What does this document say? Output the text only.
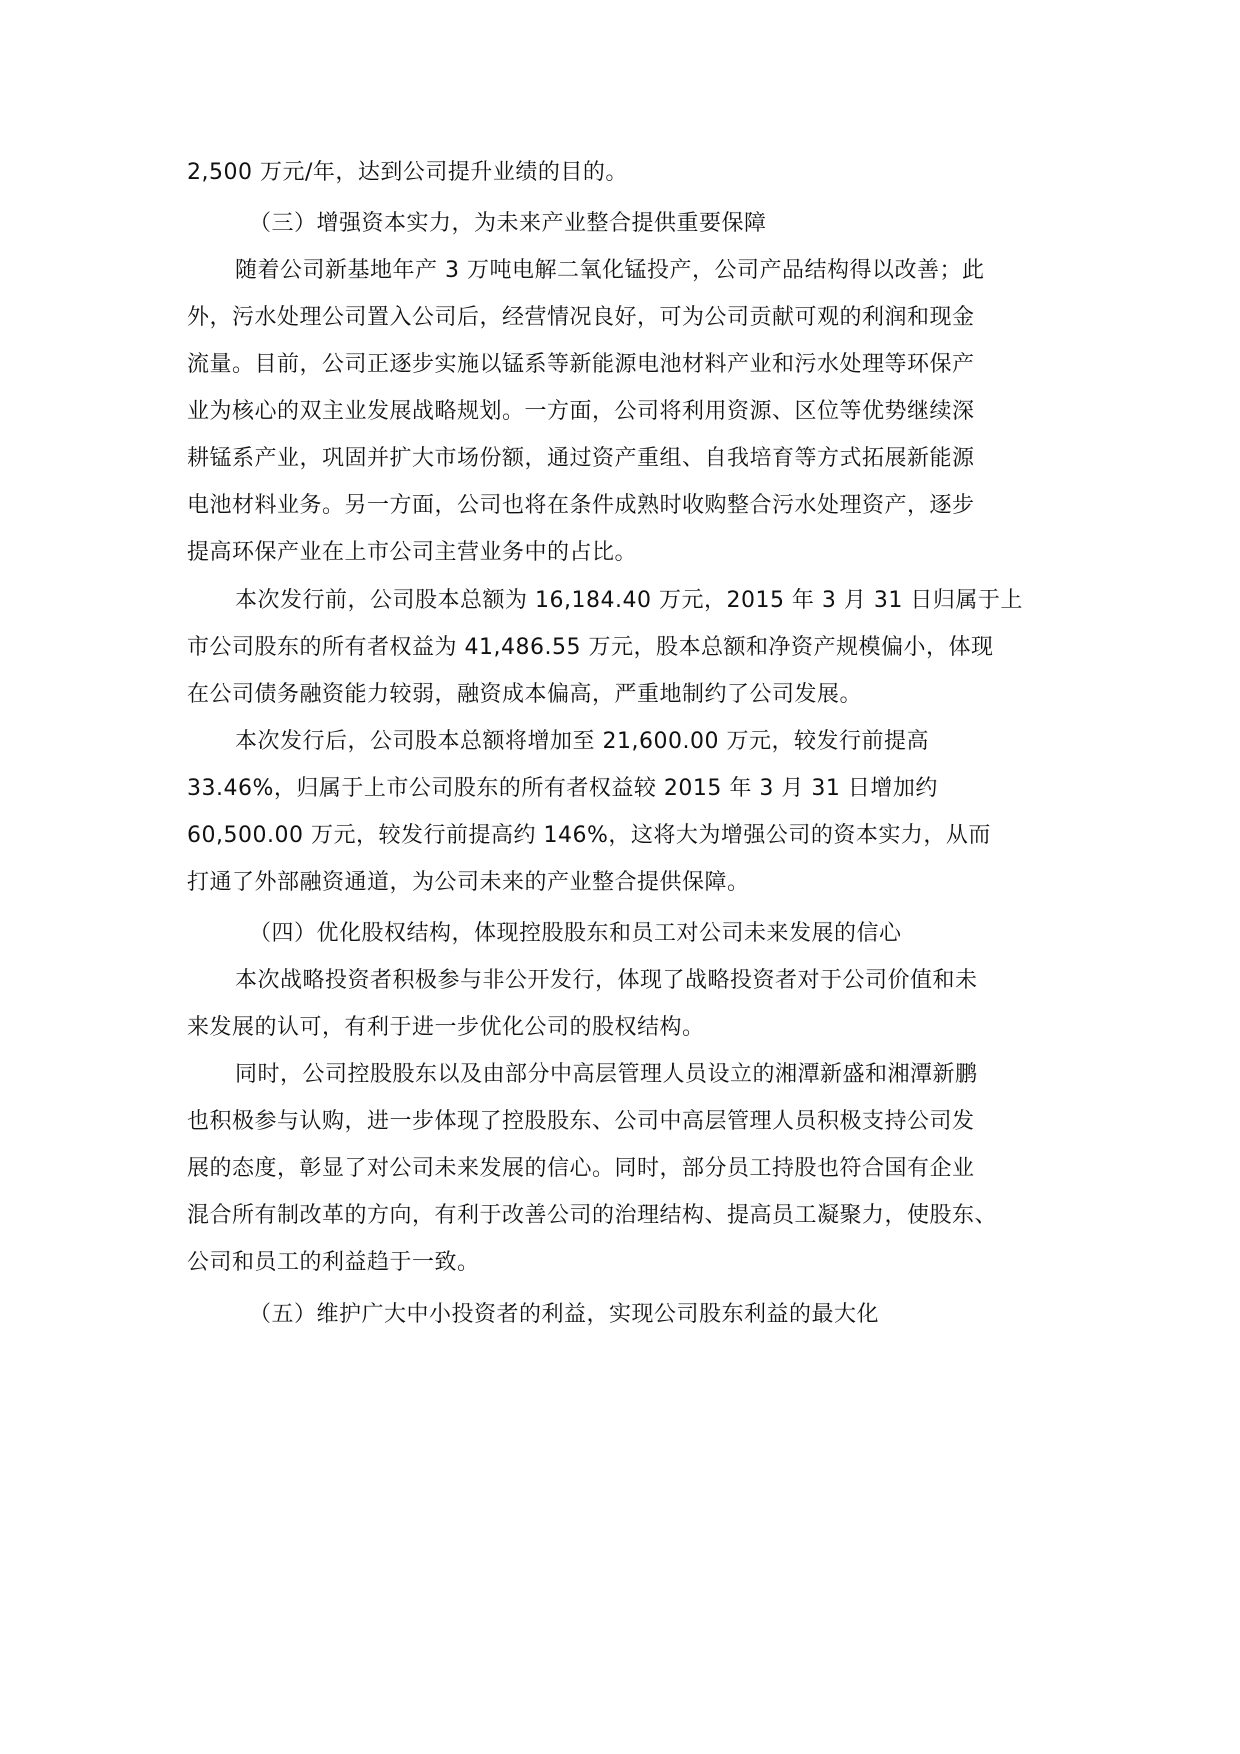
2,500 万元/年，达到公司提升业绩的目的。

（三）增强资本实力，为未来产业整合提供重要保障

随着公司新基地年产 3 万吨电解二氧化锰投产，公司产品结构得以改善；此

外，污水处理公司置入公司后，经营情况良好，可为公司贡献可观的利润和现金

流量。目前，公司正逐步实施以锰系等新能源电池材料产业和污水处理等环保产

业为核心的双主业发展战略规划。一方面，公司将利用资源、区位等优势继续深

耕锰系产业，巩固并扩大市场份额，通过资产重组、自我培育等方式拓展新能源

电池材料业务。另一方面，公司也将在条件成熟时收购整合污水处理资产，逐步

提高环保产业在上市公司主营业务中的占比。

本次发行前，公司股本总额为 16,184.40 万元，2015 年 3 月 31 日归属于上

市公司股东的所有者权益为 41,486.55 万元，股本总额和净资产规模偏小，体现

在公司债务融资能力较弱，融资成本偏高，严重地制约了公司发展。

本次发行后，公司股本总额将增加至 21,600.00 万元，较发行前提高

33.46%，归属于上市公司股东的所有者权益较 2015 年 3 月 31 日增加约

60,500.00 万元，较发行前提高约 146%，这将大为增强公司的资本实力，从而

打通了外部融资通道，为公司未来的产业整合提供保障。

（四）优化股权结构，体现控股股东和员工对公司未来发展的信心

本次战略投资者积极参与非公开发行，体现了战略投资者对于公司价值和未

来发展的认可，有利于进一步优化公司的股权结构。

同时，公司控股股东以及由部分中高层管理人员设立的湘潭新盛和湘潭新鹏

也积极参与认购，进一步体现了控股股东、公司中高层管理人员积极支持公司发

展的态度，彰显了对公司未来发展的信心。同时，部分员工持股也符合国有企业

混合所有制改革的方向，有利于改善公司的治理结构、提高员工凝聚力，使股东、

公司和员工的利益趋于一致。

（五）维护广大中小投资者的利益，实现公司股东利益的最大化
